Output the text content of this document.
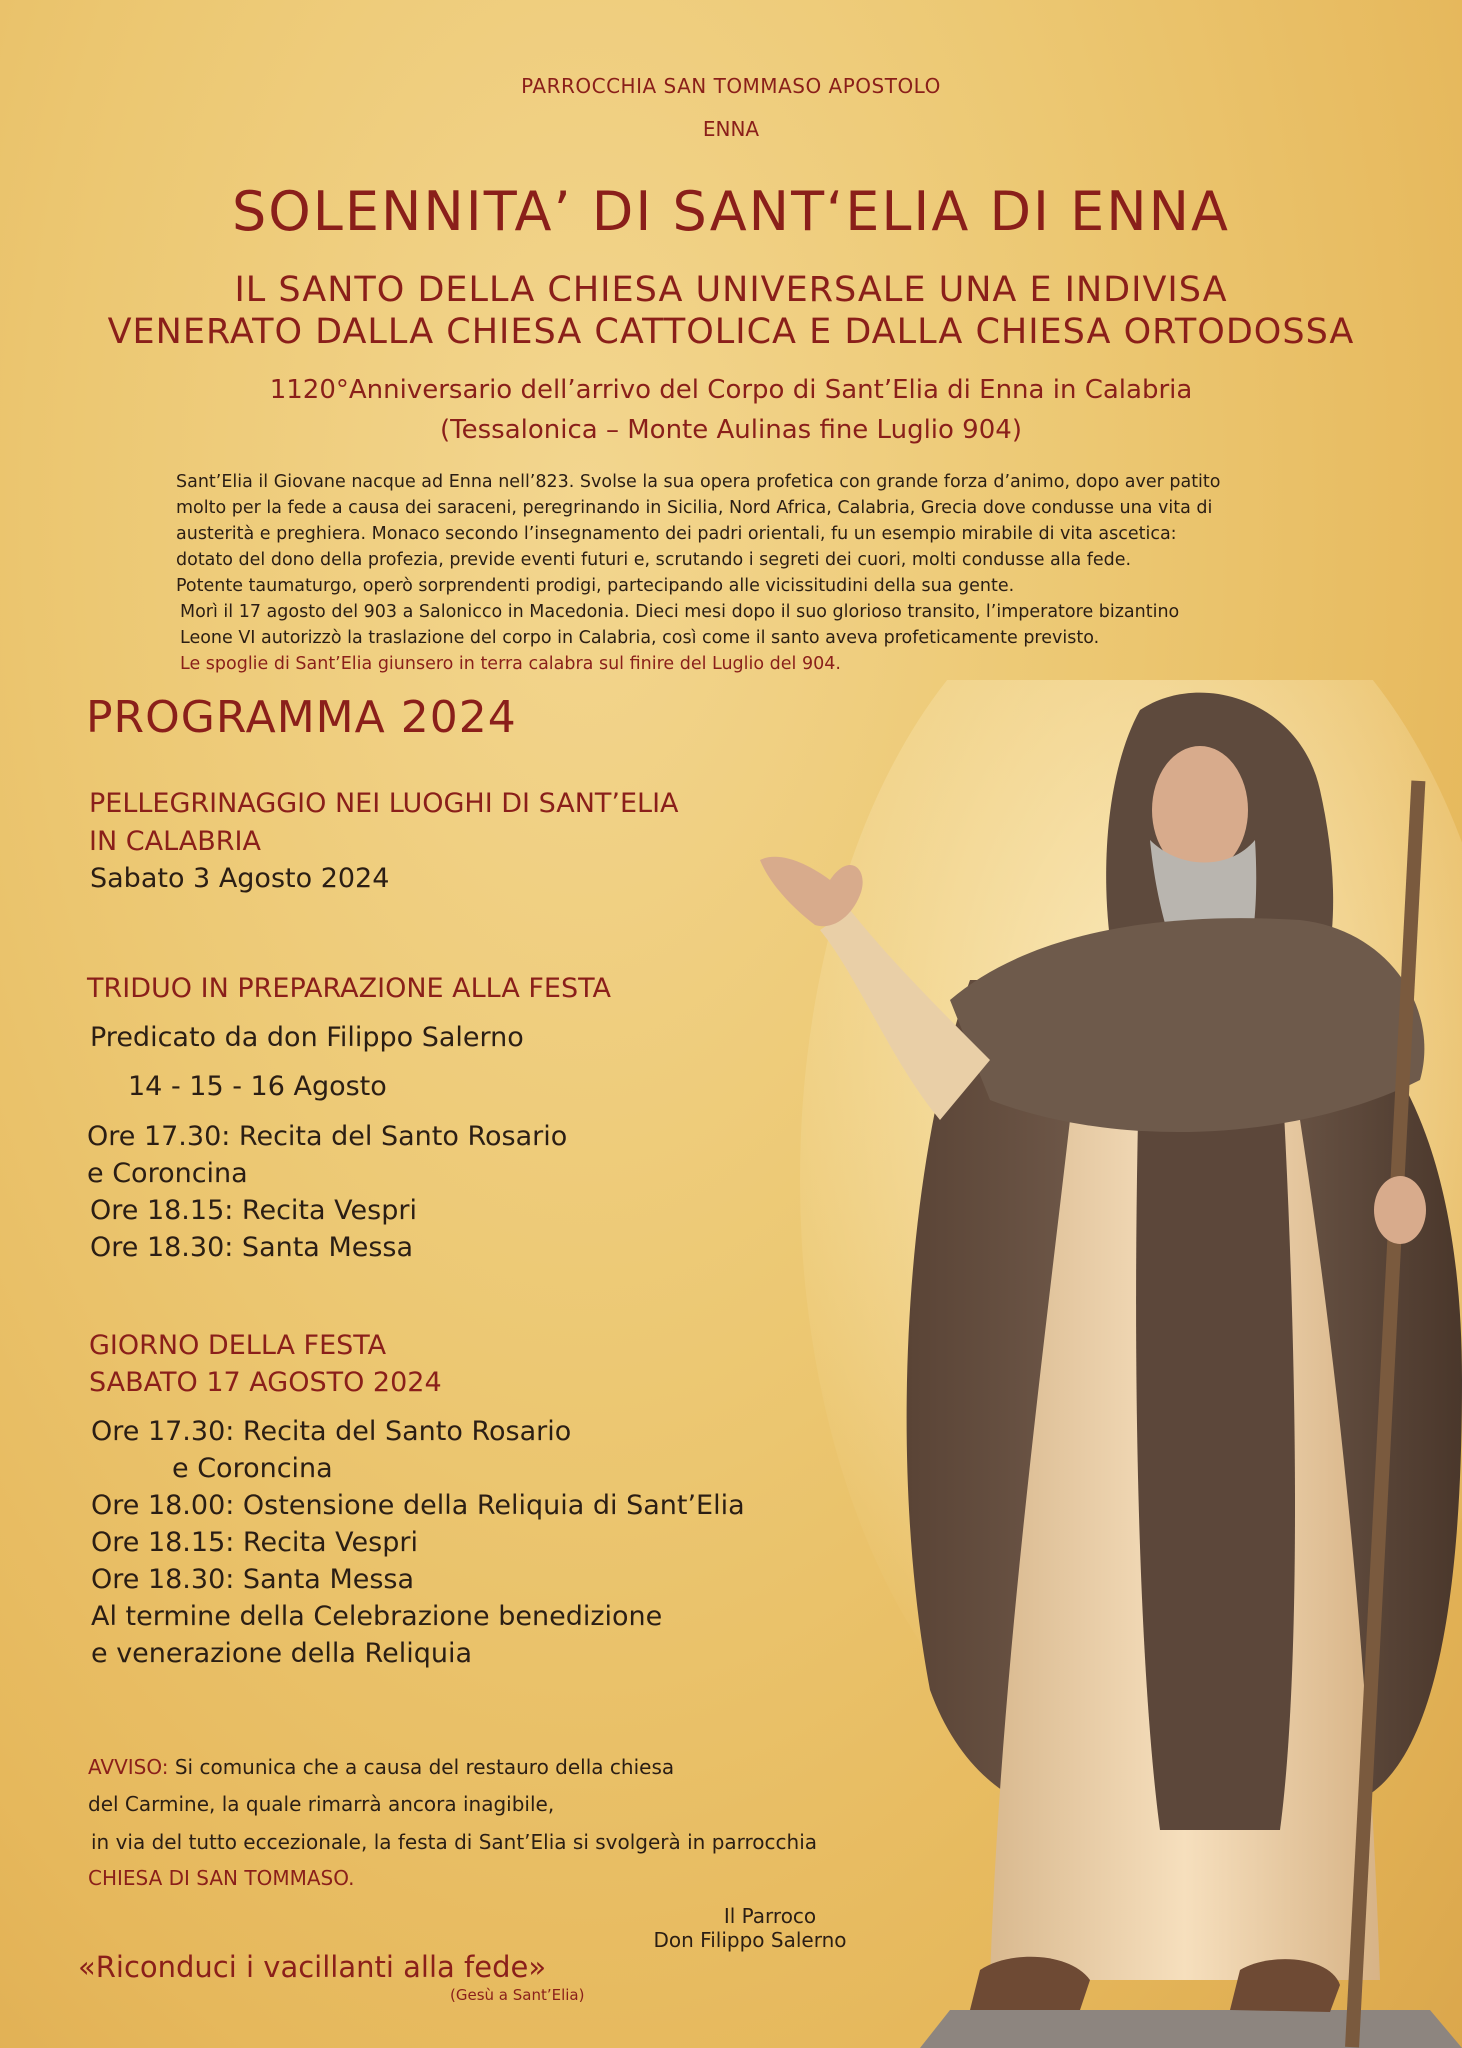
PARROCCHIA SAN TOMMASO APOSTOLO
ENNA
SOLENNITA’ DI SANT‘ELIA DI ENNA
IL SANTO DELLA CHIESA UNIVERSALE UNA E INDIVISA
VENERATO DALLA CHIESA CATTOLICA E DALLA CHIESA ORTODOSSA
1120°Anniversario dell’arrivo del Corpo di Sant’Elia di Enna in Calabria
(Tessalonica – Monte Aulinas fine Luglio 904)
Sant’Elia il Giovane nacque ad Enna nell’823. Svolse la sua opera profetica con grande forza d’animo, dopo aver patito
molto per la fede a causa dei saraceni, peregrinando in Sicilia, Nord Africa, Calabria, Grecia dove condusse una vita di
austerità e preghiera. Monaco secondo l’insegnamento dei padri orientali, fu un esempio mirabile di vita ascetica:
dotato del dono della profezia, previde eventi futuri e, scrutando i segreti dei cuori, molti condusse alla fede.
Potente taumaturgo, operò sorprendenti prodigi, partecipando alle vicissitudini della sua gente.
Morì il 17 agosto del 903 a Salonicco in Macedonia. Dieci mesi dopo il suo glorioso transito, l’imperatore bizantino
Leone VI autorizzò la traslazione del corpo in Calabria, così come il santo aveva profeticamente previsto.
Le spoglie di Sant’Elia giunsero in terra calabra sul finire del Luglio del 904.
PROGRAMMA 2024
PELLEGRINAGGIO NEI LUOGHI DI SANT’ELIA
IN CALABRIA
Sabato 3 Agosto 2024
TRIDUO IN PREPARAZIONE ALLA FESTA
Predicato da don Filippo Salerno
14 - 15 - 16 Agosto
Ore 17.30: Recita del Santo Rosario
e Coroncina
Ore 18.15: Recita Vespri
Ore 18.30: Santa Messa
GIORNO DELLA FESTA
SABATO 17 AGOSTO 2024
Ore 17.30: Recita del Santo Rosario
e Coroncina
Ore 18.00: Ostensione della Reliquia di Sant’Elia
Ore 18.15: Recita Vespri
Ore 18.30: Santa Messa
Al termine della Celebrazione benedizione
e venerazione della Reliquia
AVVISO: Si comunica che a causa del restauro della chiesa
del Carmine, la quale rimarrà ancora inagibile,
in via del tutto eccezionale, la festa di Sant’Elia si svolgerà in parrocchia
CHIESA DI SAN TOMMASO.
Il Parroco
Don Filippo Salerno
«Riconduci i vacillanti alla fede»
(Gesù a Sant’Elia)
